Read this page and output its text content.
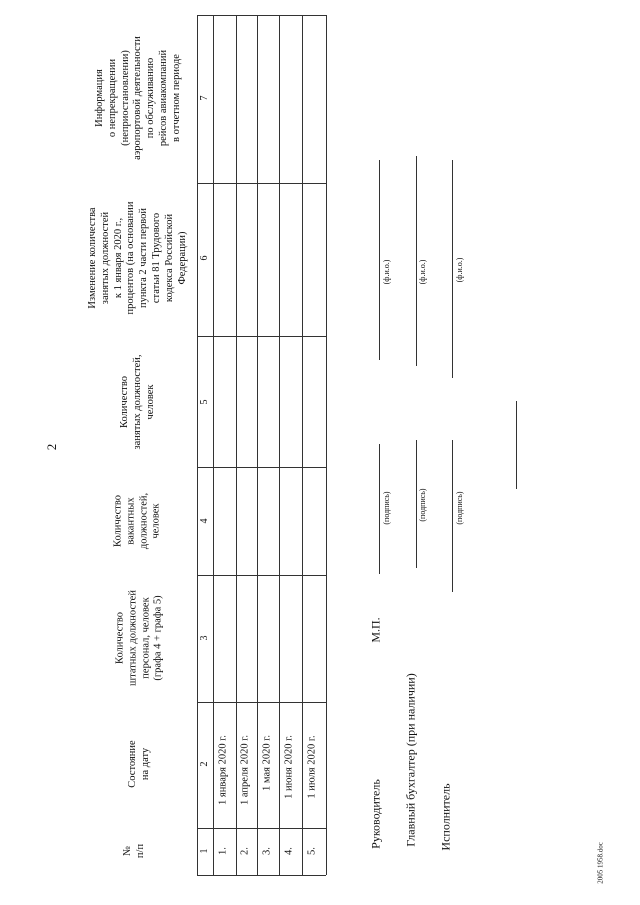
2
№
п/п
Состояние
на дату
Количество
штатных должностей
персонал, человек
(графа 4 + графа 5)
Количество
вакантных
должностей,
человек
Количество
занятых должностей,
человек
Изменение количества
занятых должностей
к 1 января 2020 г.,
процентов (на основании
пункта 2 части первой
статьи 81 Трудового
кодекса Российской
Федерации)
Информация
о непрекращении
(неприостановлении)
аэропортовой деятельности
по обслуживанию
рейсов авиакомпаний
в отчетном периоде
1
2
3
4
5
6
7
1.
1 января 2020 г.
2.
1 апреля 2020 г.
3.
1 мая 2020 г.
4.
1 июня 2020 г.
5.
1 июля 2020 г.
М.П.
Руководитель Главный бухгалтер (при наличии) Исполнитель
(подпись)
(ф.и.о.)
(подпись)
(ф.и.о.)
(подпись)
(ф.и.о.)
2005 1958.doc
